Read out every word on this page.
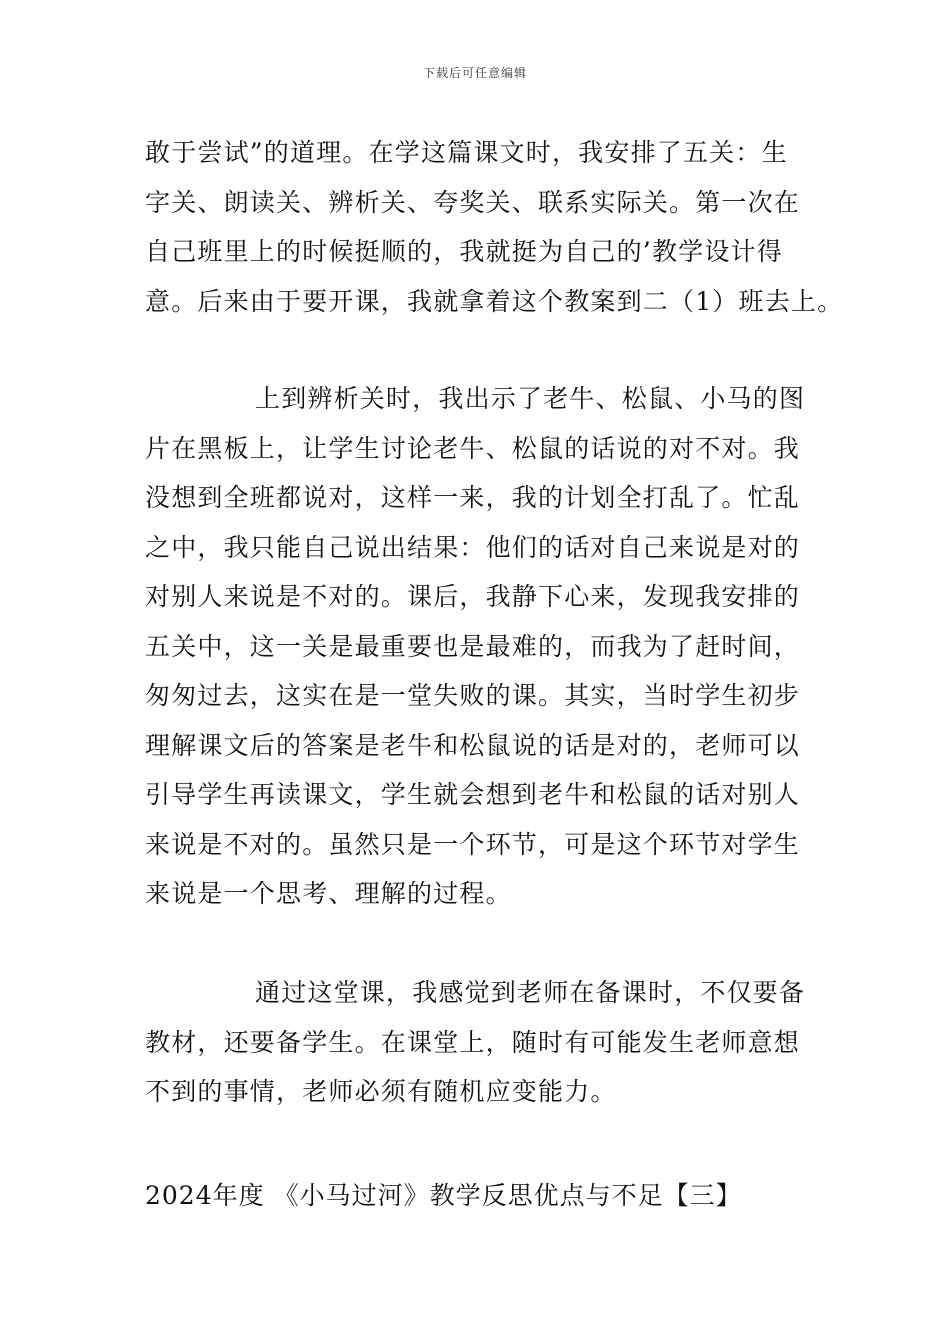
下载后可任意编辑
敢于尝试”的道理。在学这篇课文时，我安排了五关：生
字关、朗读关、辨析关、夸奖关、联系实际关。第一次在
自己班里上的时候挺顺的，我就挺为自己的’教学设计得
意。后来由于要开课，我就拿着这个教案到二（1）班去上。
上到辨析关时，我出示了老牛、松鼠、小马的图
片在黑板上，让学生讨论老牛、松鼠的话说的对不对。我
没想到全班都说对，这样一来，我的计划全打乱了。忙乱
之中，我只能自己说出结果：他们的话对自己来说是对的
对别人来说是不对的。课后，我静下心来，发现我安排的
五关中，这一关是最重要也是最难的，而我为了赶时间，
匆匆过去，这实在是一堂失败的课。其实，当时学生初步
理解课文后的答案是老牛和松鼠说的话是对的，老师可以
引导学生再读课文，学生就会想到老牛和松鼠的话对别人
来说是不对的。虽然只是一个环节，可是这个环节对学生
来说是一个思考、理解的过程。
通过这堂课，我感觉到老师在备课时，不仅要备
教材，还要备学生。在课堂上，随时有可能发生老师意想
不到的事情，老师必须有随机应变能力。
2024年度 《小马过河》教学反思优点与不足【三】
